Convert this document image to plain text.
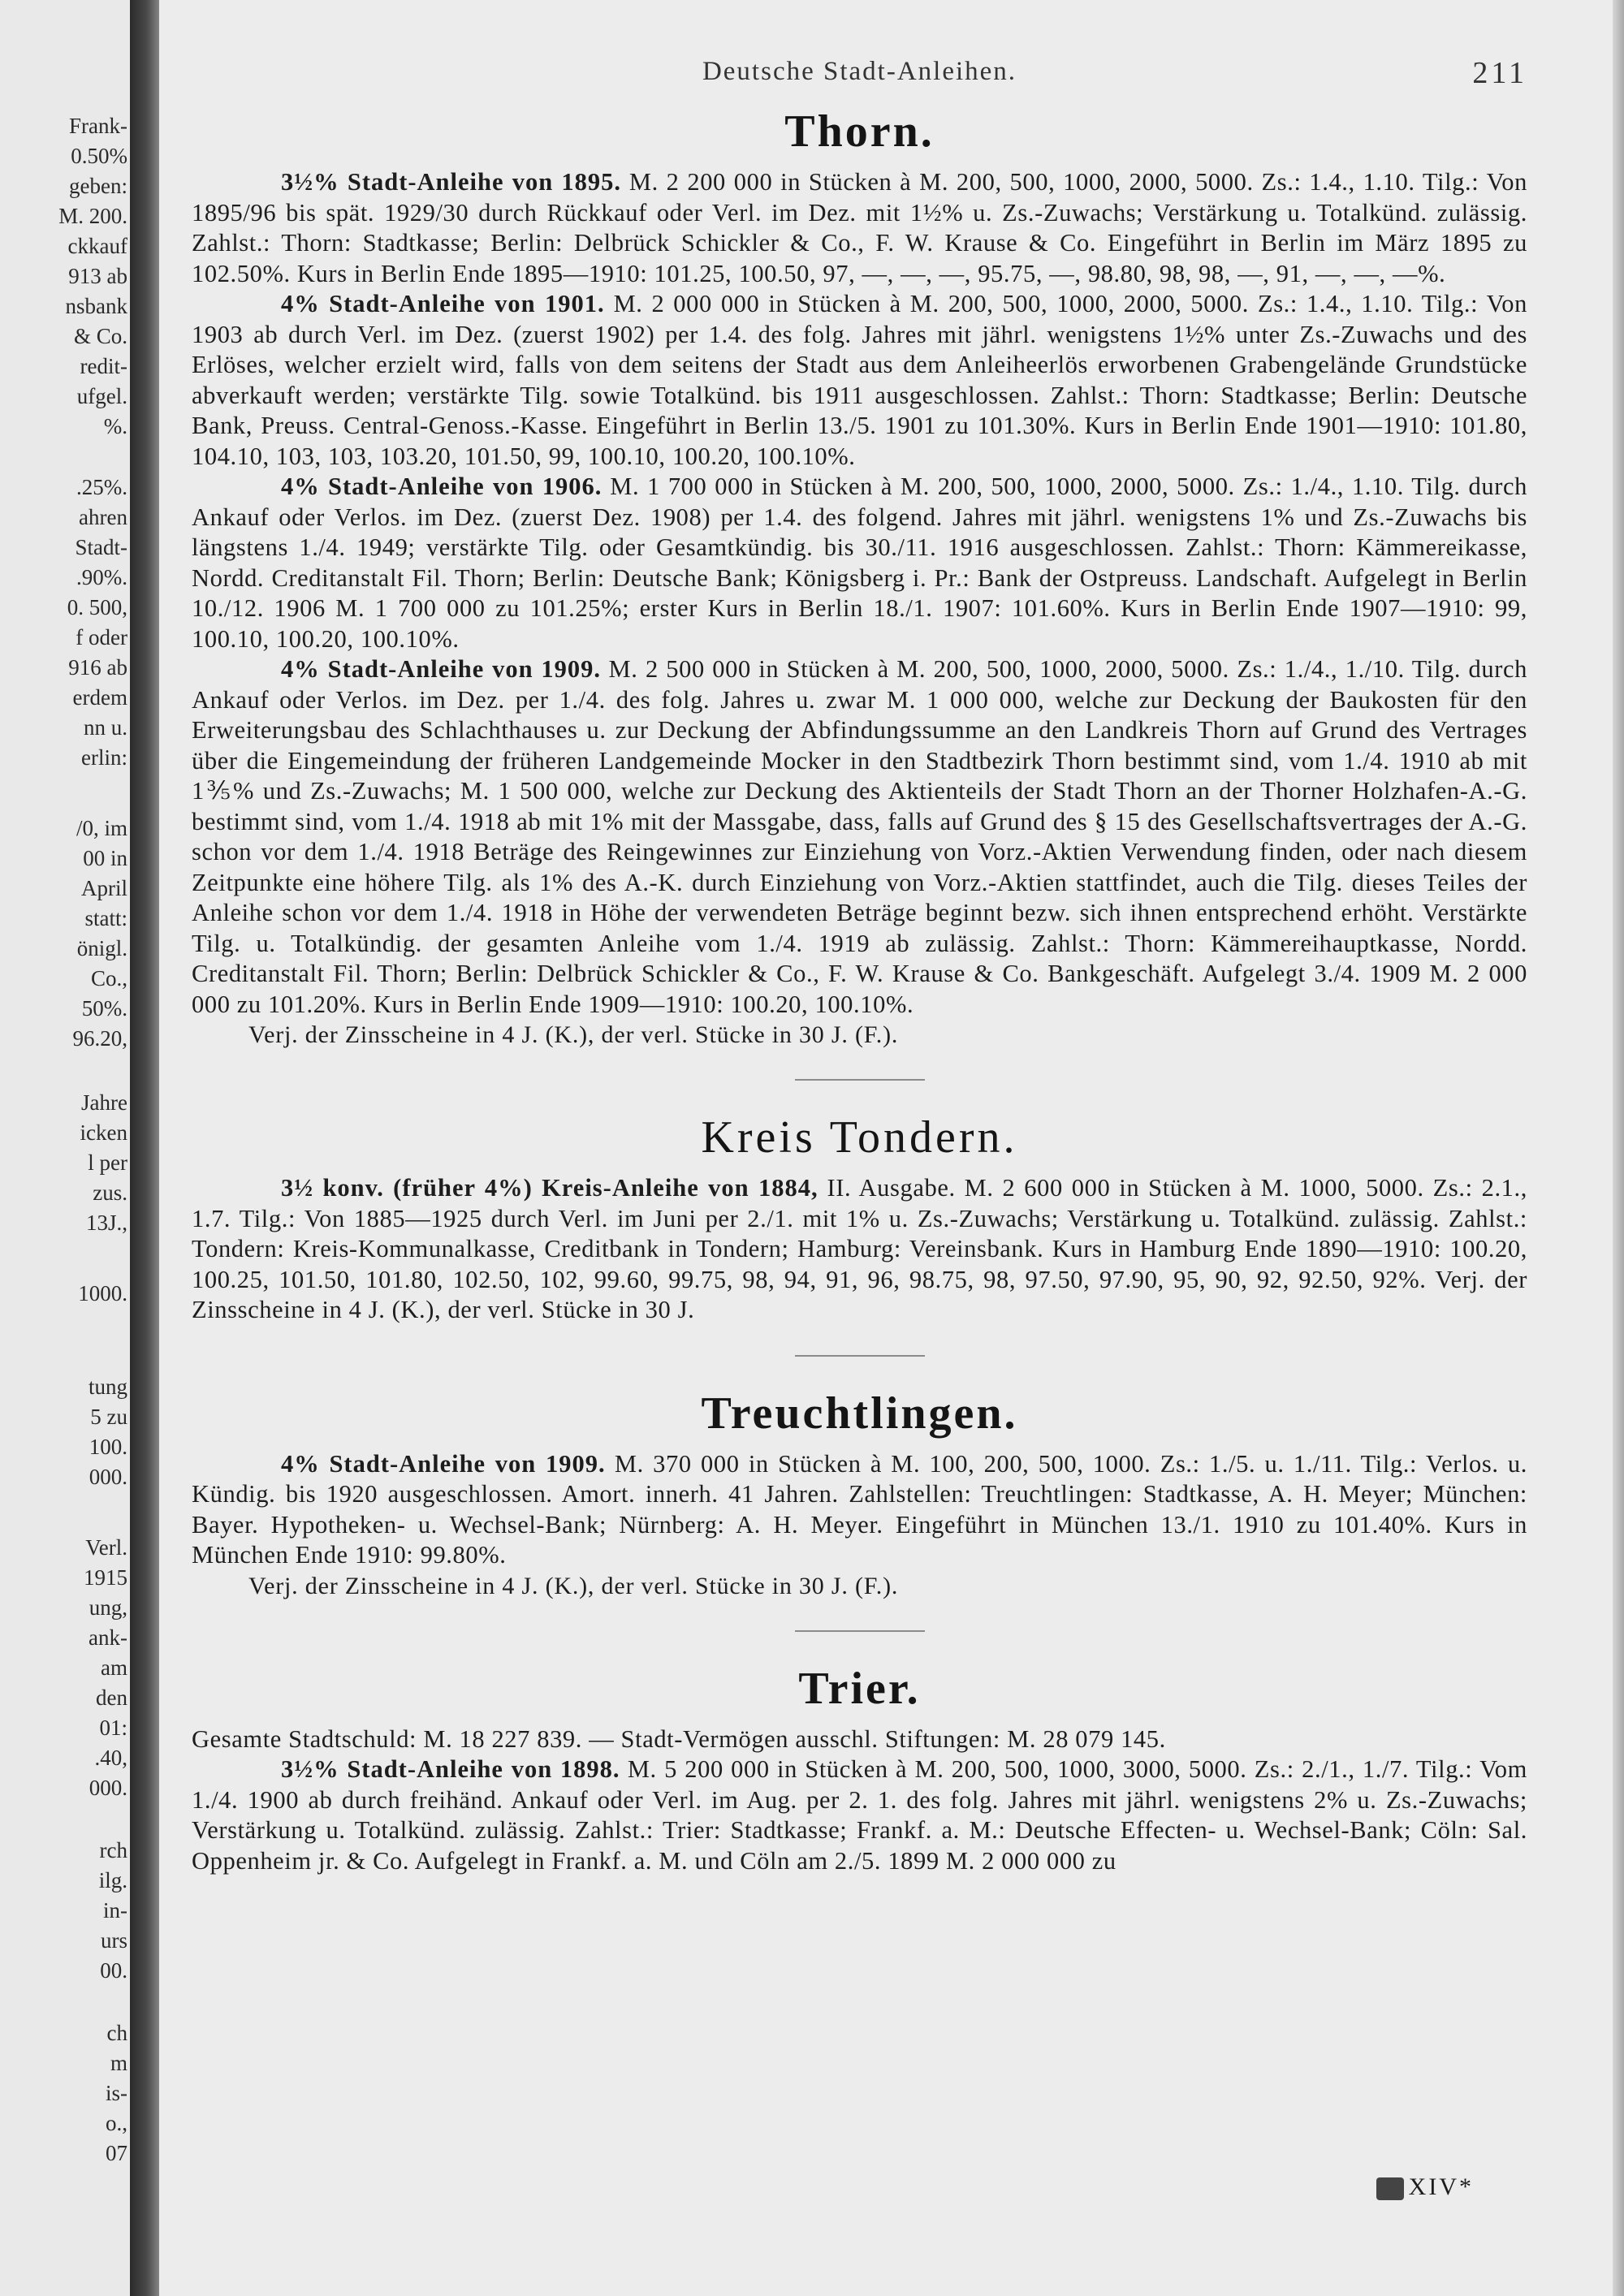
Frank-
0.50%
geben:
M. 200.
ckkauf
913 ab
nsbank
& Co.
redit-
ufgel.
%.
.25%.
ahren
Stadt-
.90%.
0. 500,
f oder
916 ab
erdem
nn u.
erlin:
/0, im
00 in
April
statt:
önigl.
Co.,
50%.
96.20,
Jahre
icken
l per
zus.
13J.,
1000.
tung
5 zu
100.
000.
Verl.
1915
ung,
ank-
am
den
01:
.40,
000.
rch
ilg.
in-
urs
00.
ch
m
is-
o.,
07
Deutsche Stadt-Anleihen.	211
Thorn.

3½% Stadt-Anleihe von 1895. M. 2 200 000 in Stücken à M. 200, 500, 1000, 2000, 5000. Zs.: 1.4., 1.10. Tilg.: Von 1895/96 bis spät. 1929/30 durch Rückkauf oder Verl. im Dez. mit 1½% u. Zs.-Zuwachs; Verstärkung u. Totalkünd. zulässig. Zahlst.: Thorn: Stadtkasse; Berlin: Delbrück Schickler & Co., F. W. Krause & Co. Eingeführt in Berlin im März 1895 zu 102.50%. Kurs in Berlin Ende 1895—1910: 101.25, 100.50, 97, —, —, —, 95.75, —, 98.80, 98, 98, —, 91, —, —, —%.

4% Stadt-Anleihe von 1901. M. 2 000 000 in Stücken à M. 200, 500, 1000, 2000, 5000. Zs.: 1.4., 1.10. Tilg.: Von 1903 ab durch Verl. im Dez. (zuerst 1902) per 1.4. des folg. Jahres mit jährl. wenigstens 1½% unter Zs.-Zuwachs und des Erlöses, welcher erzielt wird, falls von dem seitens der Stadt aus dem Anleiheerlös erworbenen Grabengelände Grundstücke abverkauft werden; verstärkte Tilg. sowie Totalkünd. bis 1911 ausgeschlossen. Zahlst.: Thorn: Stadtkasse; Berlin: Deutsche Bank, Preuss. Central-Genoss.-Kasse. Eingeführt in Berlin 13./5. 1901 zu 101.30%. Kurs in Berlin Ende 1901—1910: 101.80, 104.10, 103, 103, 103.20, 101.50, 99, 100.10, 100.20, 100.10%.

4% Stadt-Anleihe von 1906. M. 1 700 000 in Stücken à M. 200, 500, 1000, 2000, 5000. Zs.: 1./4., 1.10. Tilg. durch Ankauf oder Verlos. im Dez. (zuerst Dez. 1908) per 1.4. des folgend. Jahres mit jährl. wenigstens 1% und Zs.-Zuwachs bis längstens 1./4. 1949; verstärkte Tilg. oder Gesamtkündig. bis 30./11. 1916 ausgeschlossen. Zahlst.: Thorn: Kämmereikasse, Nordd. Creditanstalt Fil. Thorn; Berlin: Deutsche Bank; Königsberg i. Pr.: Bank der Ostpreuss. Landschaft. Aufgelegt in Berlin 10./12. 1906 M. 1 700 000 zu 101.25%; erster Kurs in Berlin 18./1. 1907: 101.60%. Kurs in Berlin Ende 1907—1910: 99, 100.10, 100.20, 100.10%.

4% Stadt-Anleihe von 1909. M. 2 500 000 in Stücken à M. 200, 500, 1000, 2000, 5000. Zs.: 1./4., 1./10. Tilg. durch Ankauf oder Verlos. im Dez. per 1./4. des folg. Jahres u. zwar M. 1 000 000, welche zur Deckung der Baukosten für den Erweiterungsbau des Schlachthauses u. zur Deckung der Abfindungssumme an den Landkreis Thorn auf Grund des Vertrages über die Eingemeindung der früheren Landgemeinde Mocker in den Stadtbezirk Thorn bestimmt sind, vom 1./4. 1910 ab mit 1⅗% und Zs.-Zuwachs; M. 1 500 000, welche zur Deckung des Aktienteils der Stadt Thorn an der Thorner Holzhafen-A.-G. bestimmt sind, vom 1./4. 1918 ab mit 1% mit der Massgabe, dass, falls auf Grund des § 15 des Gesellschaftsvertrages der A.-G. schon vor dem 1./4. 1918 Beträge des Reingewinnes zur Einziehung von Vorz.-Aktien Verwendung finden, oder nach diesem Zeitpunkte eine höhere Tilg. als 1% des A.-K. durch Einziehung von Vorz.-Aktien stattfindet, auch die Tilg. dieses Teiles der Anleihe schon vor dem 1./4. 1918 in Höhe der verwendeten Beträge beginnt bezw. sich ihnen entsprechend erhöht. Verstärkte Tilg. u. Totalkündig. der gesamten Anleihe vom 1./4. 1919 ab zulässig. Zahlst.: Thorn: Kämmereihauptkasse, Nordd. Creditanstalt Fil. Thorn; Berlin: Delbrück Schickler & Co., F. W. Krause & Co. Bankgeschäft. Aufgelegt 3./4. 1909 M. 2 000 000 zu 101.20%. Kurs in Berlin Ende 1909—1910: 100.20, 100.10%.

Verj. der Zinsscheine in 4 J. (K.), der verl. Stücke in 30 J. (F.).

Kreis Tondern.

3½ konv. (früher 4%) Kreis-Anleihe von 1884, II. Ausgabe. M. 2 600 000 in Stücken à M. 1000, 5000. Zs.: 2.1., 1.7. Tilg.: Von 1885—1925 durch Verl. im Juni per 2./1. mit 1% u. Zs.-Zuwachs; Verstärkung u. Totalkünd. zulässig. Zahlst.: Tondern: Kreis-Kommunalkasse, Creditbank in Tondern; Hamburg: Vereinsbank. Kurs in Hamburg Ende 1890—1910: 100.20, 100.25, 101.50, 101.80, 102.50, 102, 99.60, 99.75, 98, 94, 91, 96, 98.75, 98, 97.50, 97.90, 95, 90, 92, 92.50, 92%. Verj. der Zinsscheine in 4 J. (K.), der verl. Stücke in 30 J.

Treuchtlingen.

4% Stadt-Anleihe von 1909. M. 370 000 in Stücken à M. 100, 200, 500, 1000. Zs.: 1./5. u. 1./11. Tilg.: Verlos. u. Kündig. bis 1920 ausgeschlossen. Amort. innerh. 41 Jahren. Zahlstellen: Treuchtlingen: Stadtkasse, A. H. Meyer; München: Bayer. Hypotheken- u. Wechsel-Bank; Nürnberg: A. H. Meyer. Eingeführt in München 13./1. 1910 zu 101.40%. Kurs in München Ende 1910: 99.80%.

Verj. der Zinsscheine in 4 J. (K.), der verl. Stücke in 30 J. (F.).

Trier.

Gesamte Stadtschuld: M. 18 227 839. — Stadt-Vermögen ausschl. Stiftungen: M. 28 079 145.

3½% Stadt-Anleihe von 1898. M. 5 200 000 in Stücken à M. 200, 500, 1000, 3000, 5000. Zs.: 2./1., 1./7. Tilg.: Vom 1./4. 1900 ab durch freihänd. Ankauf oder Verl. im Aug. per 2. 1. des folg. Jahres mit jährl. wenigstens 2% u. Zs.-Zuwachs; Verstärkung u. Totalkünd. zulässig. Zahlst.: Trier: Stadtkasse; Frankf. a. M.: Deutsche Effecten- u. Wechsel-Bank; Cöln: Sal. Oppenheim jr. & Co. Aufgelegt in Frankf. a. M. und Cöln am 2./5. 1899 M. 2 000 000 zu

XIV*
